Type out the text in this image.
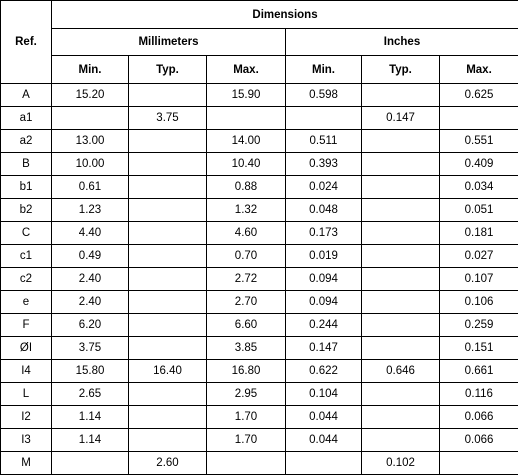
Ref.	Dimensions					
	Millimeters			Inches		
	Min.	Typ.	Max.	Min.	Typ.	Max.
A	15.20		15.90	0.598		0.625
a1		3.75			0.147	
a2	13.00		14.00	0.511		0.551
B	10.00		10.40	0.393		0.409
b1	0.61		0.88	0.024		0.034
b2	1.23		1.32	0.048		0.051
C	4.40		4.60	0.173		0.181
c1	0.49		0.70	0.019		0.027
c2	2.40		2.72	0.094		0.107
e	2.40		2.70	0.094		0.106
F	6.20		6.60	0.244		0.259
ØI	3.75		3.85	0.147		0.151
I4	15.80	16.40	16.80	0.622	0.646	0.661
L	2.65		2.95	0.104		0.116
I2	1.14		1.70	0.044		0.066
I3	1.14		1.70	0.044		0.066
M		2.60			0.102	
